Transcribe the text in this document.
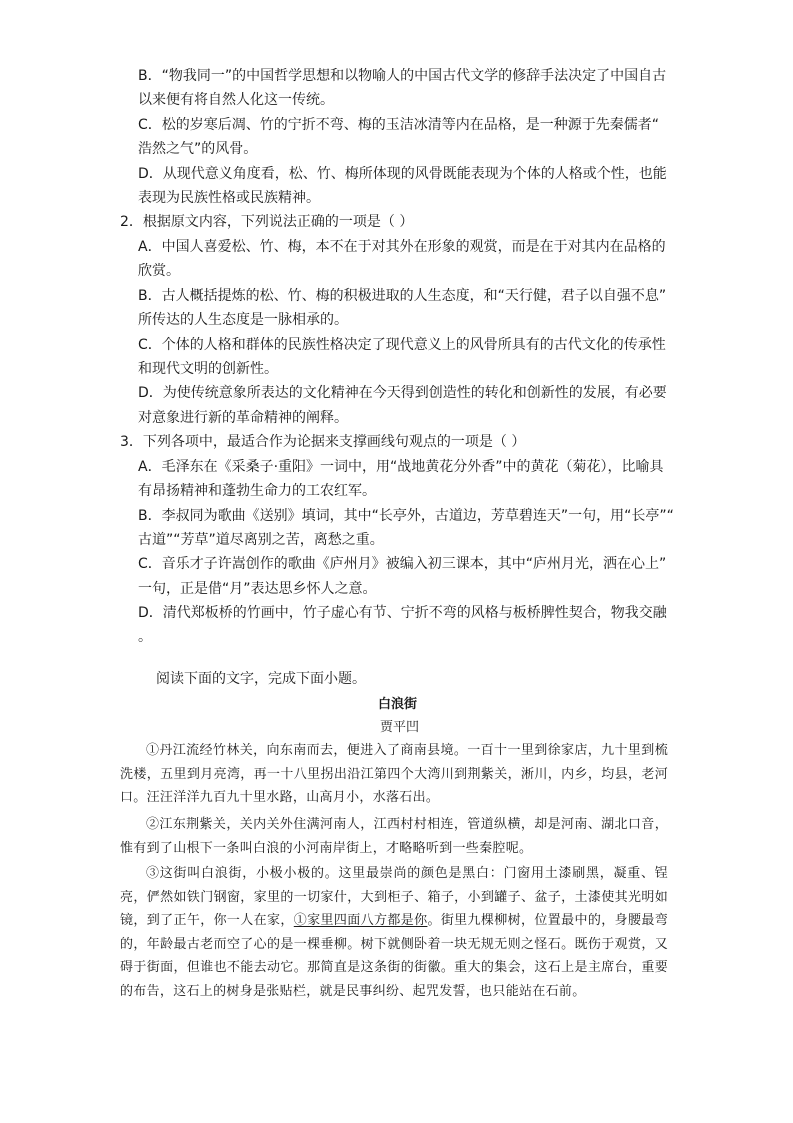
B．“物我同一”的中国哲学思想和以物喻人的中国古代文学的修辞手法决定了中国自古
以来便有将自然人化这一传统。
C．松的岁寒后凋、竹的宁折不弯、梅的玉洁冰清等内在品格，是一种源于先秦儒者“
浩然之气”的风骨。
D．从现代意义角度看，松、竹、梅所体现的风骨既能表现为个体的人格或个性，也能
表现为民族性格或民族精神。
2．根据原文内容，下列说法正确的一项是（ ）
A．中国人喜爱松、竹、梅，本不在于对其外在形象的观赏，而是在于对其内在品格的
欣赏。
B．古人概括提炼的松、竹、梅的积极进取的人生态度，和“天行健，君子以自强不息”
所传达的人生态度是一脉相承的。
C．个体的人格和群体的民族性格决定了现代意义上的风骨所具有的古代文化的传承性
和现代文明的创新性。
D．为使传统意象所表达的文化精神在今天得到创造性的转化和创新性的发展，有必要
对意象进行新的革命精神的阐释。
3．下列各项中，最适合作为论据来支撑画线句观点的一项是（ ）
A．毛泽东在《采桑子·重阳》一词中，用“战地黄花分外香”中的黄花（菊花），比喻具
有昂扬精神和蓬勃生命力的工农红军。
B．李叔同为歌曲《送别》填词，其中“长亭外，古道边，芳草碧连天”一句，用“长亭”“
古道”“芳草”道尽离别之苦，离愁之重。
C．音乐才子许嵩创作的歌曲《庐州月》被编入初三课本，其中“庐州月光，洒在心上”
一句，正是借“月”表达思乡怀人之意。
D．清代郑板桥的竹画中，竹子虚心有节、宁折不弯的风格与板桥脾性契合，物我交融
。
阅读下面的文字，完成下面小题。
白浪街
贾平凹
①丹江流经竹林关，向东南而去，便进入了商南县境。一百十一里到徐家店，九十里到梳洗楼，五里到月亮湾，再一十八里拐出沿江第四个大湾川到荆紫关，淅川，内乡，均县，老河口。汪汪洋洋九百九十里水路，山高月小，水落石出。
②江东荆紫关，关内关外住满河南人，江西村村相连，管道纵横，却是河南、湖北口音，惟有到了山根下一条叫白浪的小河南岸街上，才略略听到一些秦腔呢。
③这街叫白浪街，小极小极的。这里最崇尚的颜色是黑白：门窗用土漆刷黑，凝重、锃亮，俨然如铁门钢窗，家里的一切家什，大到柜子、箱子，小到罐子、盆子，土漆使其光明如镜，到了正午，你一人在家，①家里四面八方都是你。街里九棵柳树，位置最中的，身腰最弯的，年龄最古老而空了心的是一棵垂柳。树下就侧卧着一块无规无则之怪石。既伤于观赏，又碍于街面，但谁也不能去动它。那简直是这条街的街徽。重大的集会，这石上是主席台，重要的布告，这石上的树身是张贴栏，就是民事纠纷、起咒发誓，也只能站在石前。
